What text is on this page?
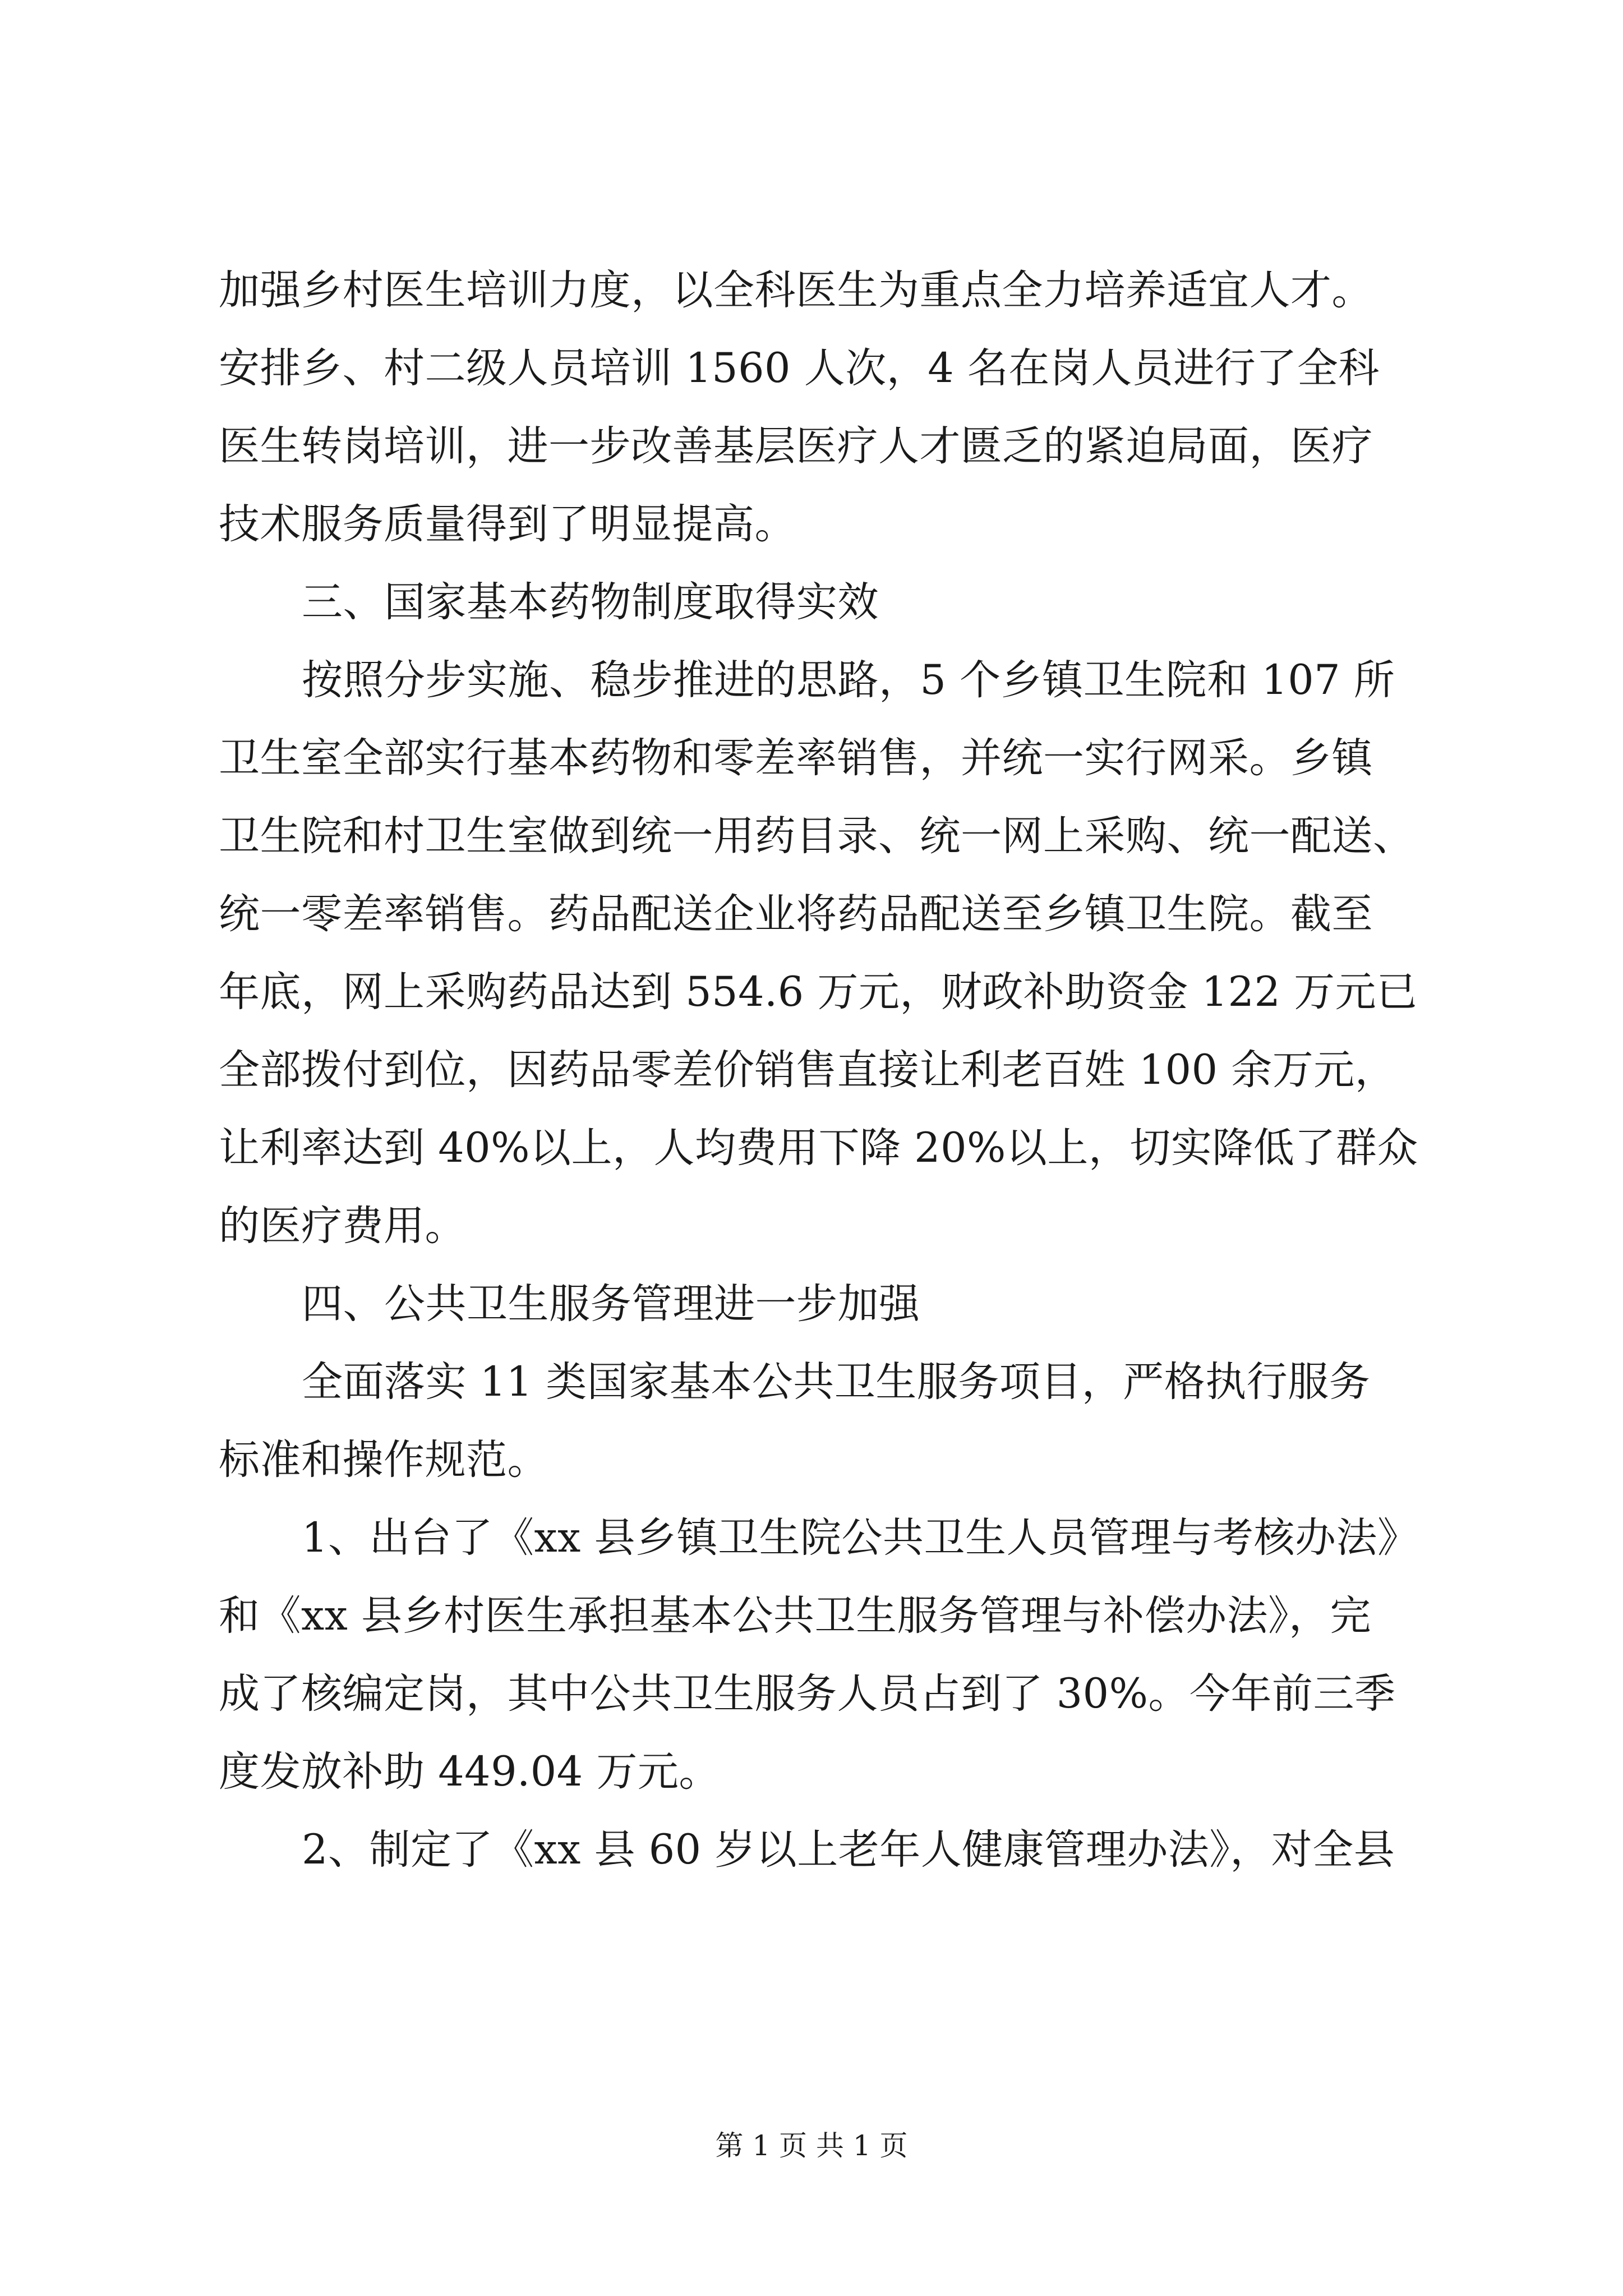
加强乡村医生培训力度，以全科医生为重点全力培养适宜人才。
安排乡、村二级人员培训 1560 人次，4 名在岗人员进行了全科
医生转岗培训，进一步改善基层医疗人才匮乏的紧迫局面，医疗
技术服务质量得到了明显提高。
三、国家基本药物制度取得实效
按照分步实施、稳步推进的思路，5 个乡镇卫生院和 107 所
卫生室全部实行基本药物和零差率销售，并统一实行网采。乡镇
卫生院和村卫生室做到统一用药目录、统一网上采购、统一配送、
统一零差率销售。药品配送企业将药品配送至乡镇卫生院。截至
年底，网上采购药品达到 554.6 万元，财政补助资金 122 万元已
全部拨付到位，因药品零差价销售直接让利老百姓 100 余万元，
让利率达到 40%以上，人均费用下降 20%以上，切实降低了群众
的医疗费用。
四、公共卫生服务管理进一步加强
全面落实 11 类国家基本公共卫生服务项目，严格执行服务
标准和操作规范。
1、出台了《xx 县乡镇卫生院公共卫生人员管理与考核办法》
和《xx 县乡村医生承担基本公共卫生服务管理与补偿办法》，完
成了核编定岗，其中公共卫生服务人员占到了 30%。今年前三季
度发放补助 449.04 万元。
2、制定了《xx 县 60 岁以上老年人健康管理办法》，对全县
第 1 页 共 1 页
